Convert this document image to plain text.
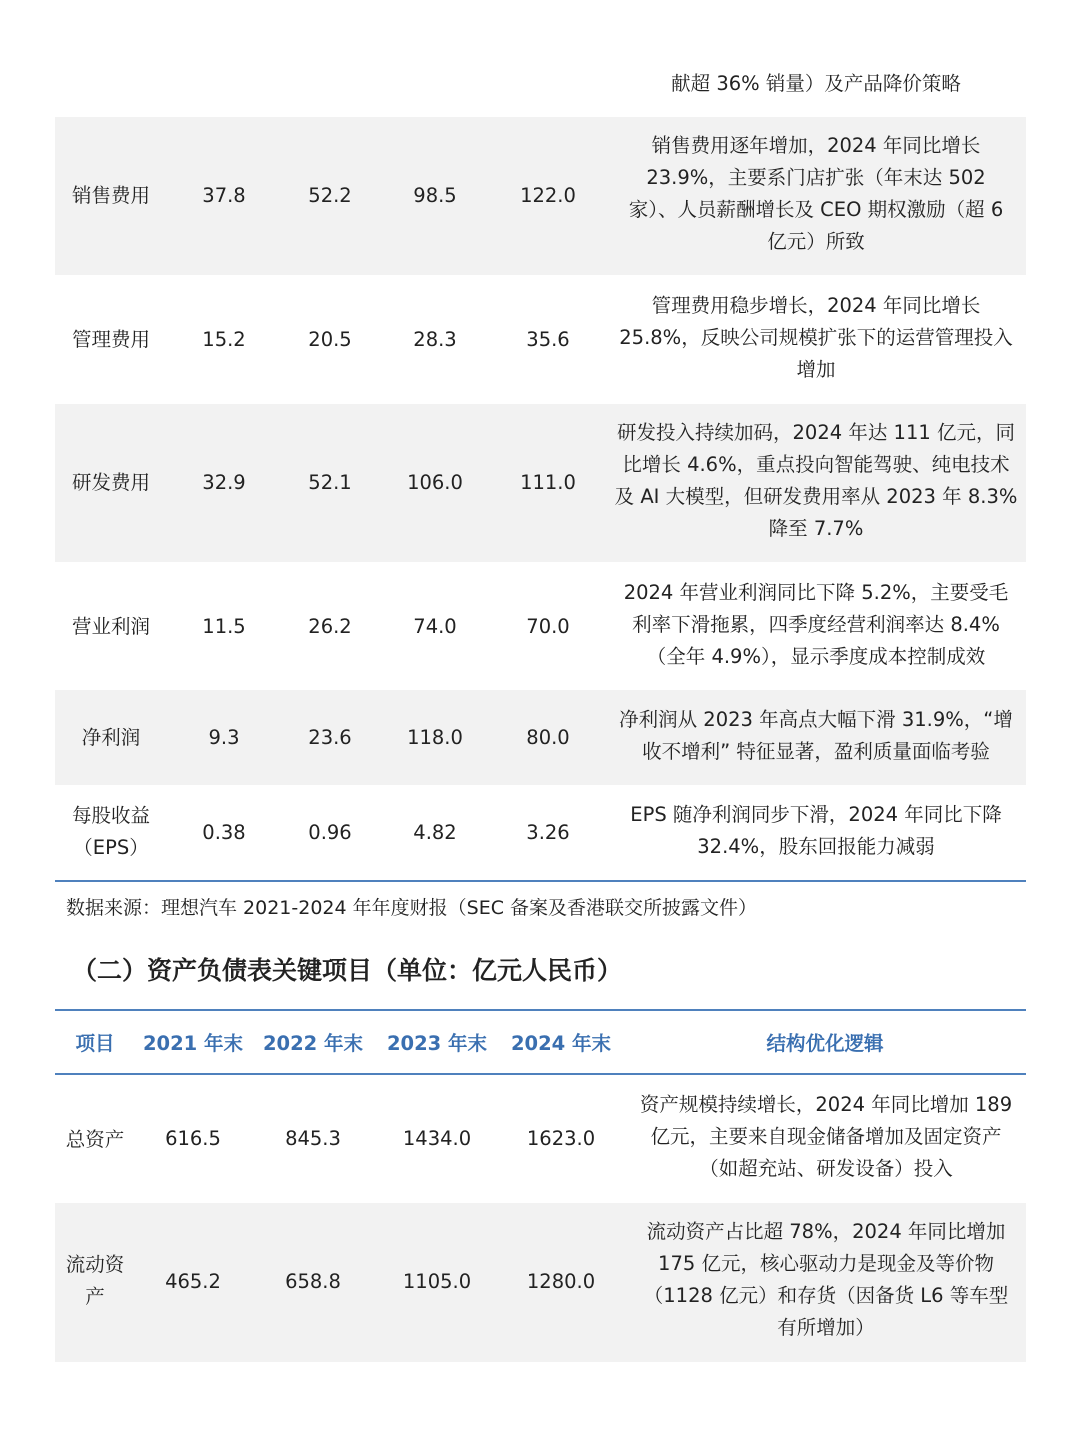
献超 36% 销量）及产品降价策略
销售费用	37.8	52.2	98.5	122.0
销售费用逐年增加，2024 年同比增长
23.9%，主要系门店扩张（年末达 502
家）、人员薪酬增长及 CEO 期权激励（超 6
亿元）所致
管理费用	15.2	20.5	28.3	35.6
管理费用稳步增长，2024 年同比增长
25.8%，反映公司规模扩张下的运营管理投入
增加
研发费用	32.9	52.1	106.0	111.0
研发投入持续加码，2024 年达 111 亿元，同
比增长 4.6%，重点投向智能驾驶、纯电技术
及 AI 大模型，但研发费用率从 2023 年 8.3%
降至 7.7%
营业利润	11.5	26.2	74.0	70.0
2024 年营业利润同比下降 5.2%，主要受毛
利率下滑拖累，四季度经营利润率达 8.4%
（全年 4.9%），显示季度成本控制成效
净利润	9.3	23.6	118.0	80.0
净利润从 2023 年高点大幅下滑 31.9%，“增
收不增利” 特征显著，盈利质量面临考验
每股收益
（EPS）
0.38	0.96	4.82	3.26
EPS 随净利润同步下滑，2024 年同比下降
32.4%，股东回报能力减弱
数据来源：理想汽车 2021-2024 年年度财报（SEC 备案及香港联交所披露文件）
（二）资产负债表关键项目（单位：亿元人民币）
项目	2021 年末 2022 年末 2023 年末 2024 年末	结构优化逻辑
总资产	616.5	845.3	1434.0	1623.0
资产规模持续增长，2024 年同比增加 189
亿元，主要来自现金储备增加及固定资产
（如超充站、研发设备）投入
流动资
产
465.2	658.8	1105.0	1280.0
流动资产占比超 78%，2024 年同比增加
175 亿元，核心驱动力是现金及等价物
（1128 亿元）和存货（因备货 L6 等车型
有所增加）
